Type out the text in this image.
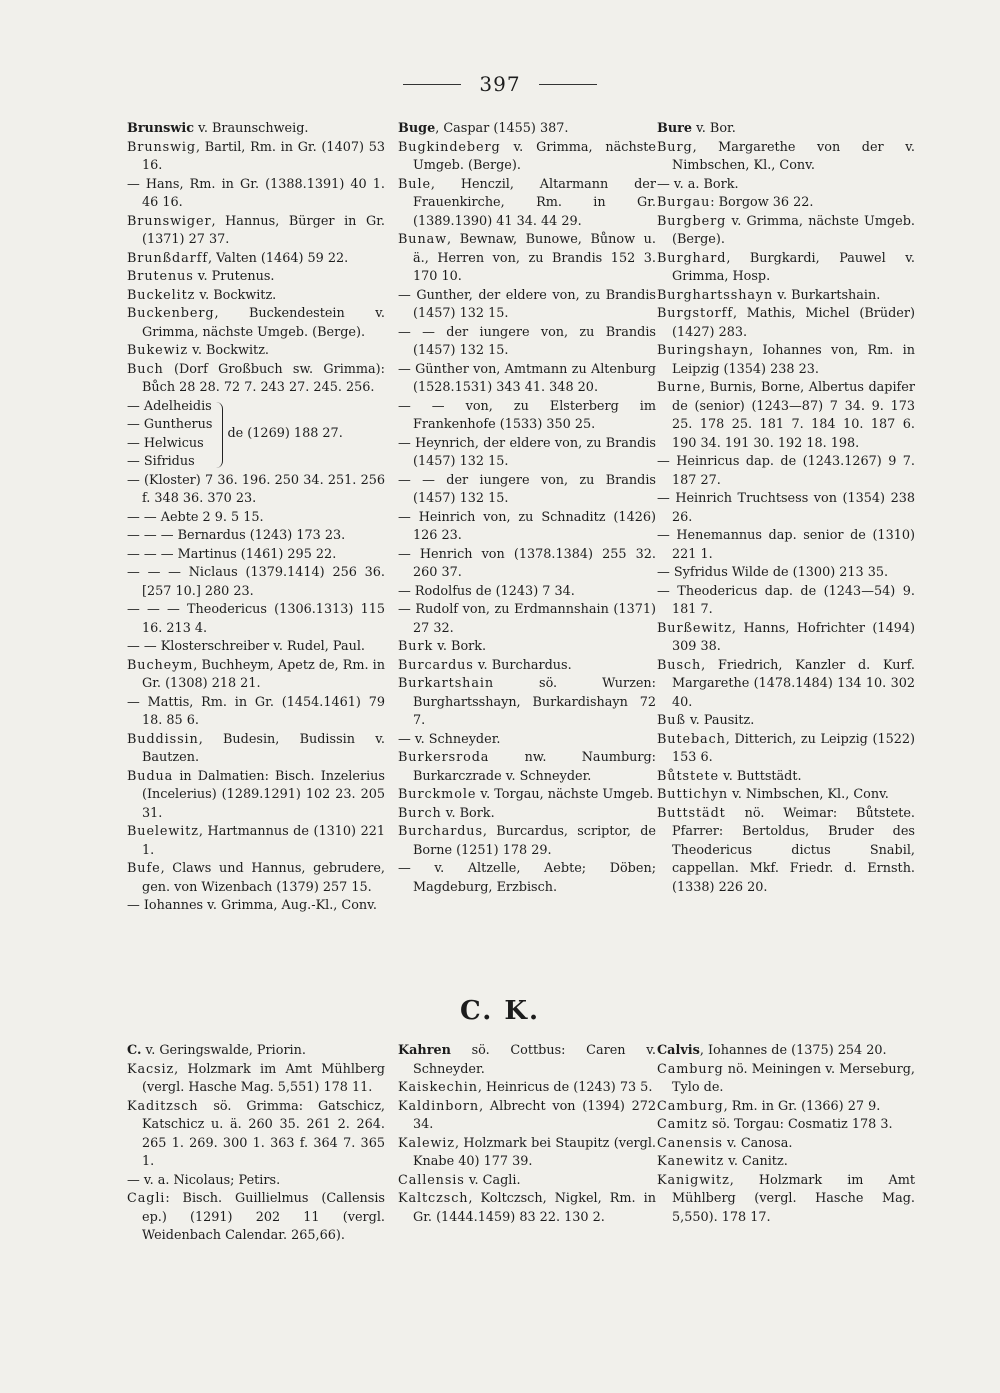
397

Brunswic v. Braunschweig.

Brunswig, Bartil, Rm. in Gr. (1407) 53 16.

— Hans, Rm. in Gr. (1388.1391) 40 1. 46 16.

Brunswiger, Hannus, Bürger in Gr. (1371) 27 37.

Brunßdarff, Valten (1464) 59 22.

Brutenus v. Prutenus.

Buckelitz v. Bockwitz.

Buckenberg, Buckendestein v. Grimma, nächste Umgeb. (Berge).

Bukewiz v. Bockwitz.

Buch (Dorf Großbuch sw. Grimma): Bůch 28 28. 72 7. 243 27. 245. 256.

— Adelheidis
— Guntherus
— Helwicus
— Sifridus
de (1269) 188 27.

— (Kloster) 7 36. 196. 250 34. 251. 256 f. 348 36. 370 23.

— — Aebte 2 9. 5 15.

— — — Bernardus (1243) 173 23.

— — — Martinus (1461) 295 22.

— — — Niclaus (1379.1414) 256 36. [257 10.] 280 23.

— — — Theodericus (1306.1313) 115 16. 213 4.

— — Klosterschreiber v. Rudel, Paul.

Bucheym, Buchheym, Apetz de, Rm. in Gr. (1308) 218 21.

— Mattis, Rm. in Gr. (1454.1461) 79 18. 85 6.

Buddissin, Budesin, Budissin v. Bautzen.

Budua in Dalmatien: Bisch. Inzelerius (Incelerius) (1289.1291) 102 23. 205 31.

Buelewitz, Hartmannus de (1310) 221 1.

Bufe, Claws und Hannus, gebrudere, gen. von Wizenbach (1379) 257 15.

— Iohannes v. Grimma, Aug.-Kl., Conv.

Buge, Caspar (1455) 387.

Bugkindeberg v. Grimma, nächste Umgeb. (Berge).

Bule, Henczil, Altarmann der Frauenkirche, Rm. in Gr. (1389.1390) 41 34. 44 29.

Bunaw, Bewnaw, Bunowe, Bůnow u. ä., Herren von, zu Brandis 152 3. 170 10.

— Gunther, der eldere von, zu Brandis (1457) 132 15.

— — der iungere von, zu Brandis (1457) 132 15.

— Günther von, Amtmann zu Altenburg (1528.1531) 343 41. 348 20.

— — von, zu Elsterberg im Frankenhofe (1533) 350 25.

— Heynrich, der eldere von, zu Brandis (1457) 132 15.

— — der iungere von, zu Brandis (1457) 132 15.

— Heinrich von, zu Schnaditz (1426) 126 23.

— Henrich von (1378.1384) 255 32. 260 37.

— Rodolfus de (1243) 7 34.

— Rudolf von, zu Erdmannshain (1371) 27 32.

Burk v. Bork.

Burcardus v. Burchardus.

Burkartshain sö. Wurzen: Burghartsshayn, Burkardishayn 72 7.

— v. Schneyder.

Burkersroda nw. Naumburg: Burkarczrade v. Schneyder.

Burckmole v. Torgau, nächste Umgeb.

Burch v. Bork.

Burchardus, Burcardus, scriptor, de Borne (1251) 178 29.

— v. Altzelle, Aebte; Döben; Magdeburg, Erzbisch.

Bure v. Bor.

Burg, Margarethe von der v. Nimbschen, Kl., Conv.

— v. a. Bork.

Burgau: Borgow 36 22.

Burgberg v. Grimma, nächste Umgeb. (Berge).

Burghard, Burgkardi, Pauwel v. Grimma, Hosp.

Burghartsshayn v. Burkartshain.

Burgstorff, Mathis, Michel (Brüder) (1427) 283.

Buringshayn, Iohannes von, Rm. in Leipzig (1354) 238 23.

Burne, Burnis, Borne, Albertus dapifer de (senior) (1243—87) 7 34. 9. 173 25. 178 25. 181 7. 184 10. 187 6. 190 34. 191 30. 192 18. 198.

— Heinricus dap. de (1243.1267) 9 7. 187 27.

— Heinrich Truchtsess von (1354) 238 26.

— Henemannus dap. senior de (1310) 221 1.

— Syfridus Wilde de (1300) 213 35.

— Theodericus dap. de (1243—54) 9. 181 7.

Burßewitz, Hanns, Hofrichter (1494) 309 38.

Busch, Friedrich, Kanzler d. Kurf. Margarethe (1478.1484) 134 10. 302 40.

Buß v. Pausitz.

Butebach, Ditterich, zu Leipzig (1522) 153 6.

Bůtstete v. Buttstädt.

Buttichyn v. Nimbschen, Kl., Conv.

Buttstädt nö. Weimar: Bůtstete. Pfarrer: Bertoldus, Bruder des Theodericus dictus Snabil, cappellan. Mkf. Friedr. d. Ernsth. (1338) 226 20.

C. K.

C. v. Geringswalde, Priorin.

Kacsiz, Holzmark im Amt Mühlberg (vergl. Hasche Mag. 5,551) 178 11.

Kaditzsch sö. Grimma: Gatschicz, Katschicz u. ä. 260 35. 261 2. 264. 265 1. 269. 300 1. 363 f. 364 7. 365 1.

— v. a. Nicolaus; Petirs.

Cagli: Bisch. Guillielmus (Callensis ep.) (1291) 202 11 (vergl. Weidenbach Calendar. 265,66).

Kahren sö. Cottbus: Caren v. Schneyder.

Kaiskechin, Heinricus de (1243) 73 5.

Kaldinborn, Albrecht von (1394) 272 34.

Kalewiz, Holzmark bei Staupitz (vergl. Knabe 40) 177 39.

Callensis v. Cagli.

Kaltczsch, Koltczsch, Nigkel, Rm. in Gr. (1444.1459) 83 22. 130 2.

Calvis, Iohannes de (1375) 254 20.

Camburg nö. Meiningen v. Merseburg, Tylo de.

Camburg, Rm. in Gr. (1366) 27 9.

Camitz sö. Torgau: Cosmatiz 178 3.

Canensis v. Canosa.

Kanewitz v. Canitz.

Kanigwitz, Holzmark im Amt Mühlberg (vergl. Hasche Mag. 5,550). 178 17.
